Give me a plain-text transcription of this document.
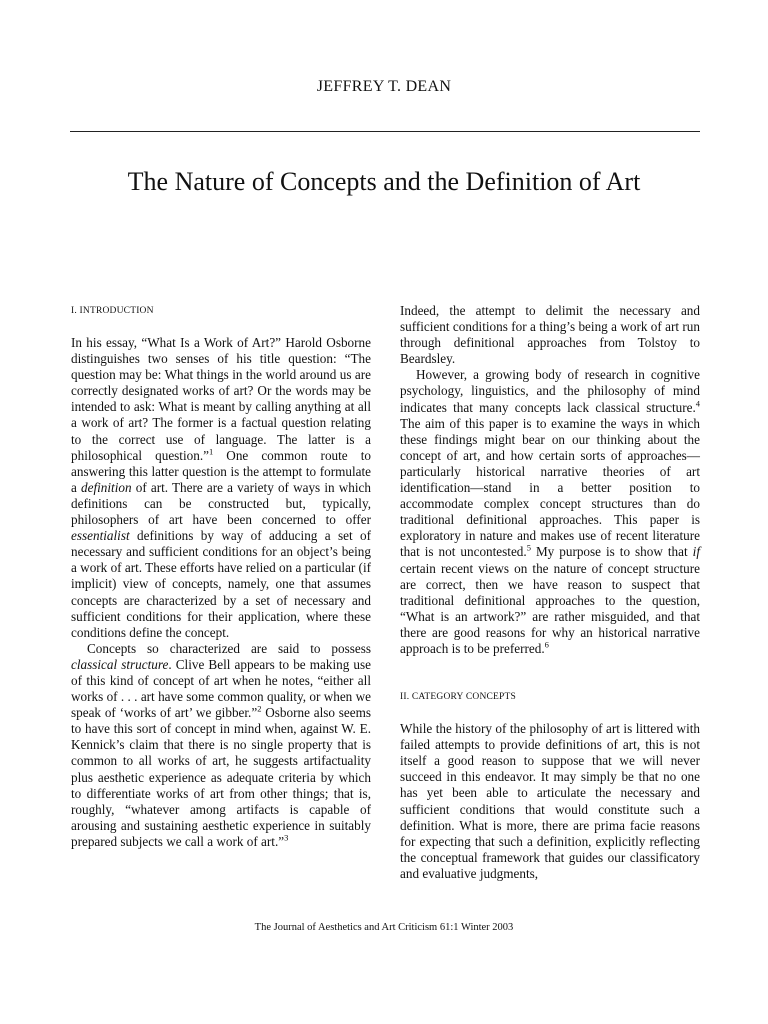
JEFFREY T. DEAN
The Nature of Concepts and the Definition of Art
I. INTRODUCTION

In his essay, “What Is a Work of Art?” Harold Osborne distinguishes two senses of his title question: “The question may be: What things in the world around us are correctly designated works of art? Or the words may be intended to ask: What is meant by calling anything at all a work of art? The former is a factual question relating to the correct use of language. The latter is a philosophical question.”$^1$ One common route to answering this latter question is the attempt to formulate a definition of art. There are a variety of ways in which definitions can be constructed but, typically, philosophers of art have been concerned to offer essentialist definitions by way of adducing a set of necessary and sufficient conditions for an object’s being a work of art. These efforts have relied on a particular (if implicit) view of concepts, namely, one that assumes concepts are characterized by a set of necessary and sufficient conditions for their application, where these conditions define the concept.

Concepts so characterized are said to possess classical structure. Clive Bell appears to be making use of this kind of concept of art when he notes, “either all works of . . . art have some common quality, or when we speak of ‘works of art’ we gibber.”$^2$ Osborne also seems to have this sort of concept in mind when, against W. E. Kennick’s claim that there is no single property that is common to all works of art, he suggests artifactuality plus aesthetic experience as adequate criteria by which to differentiate works of art from other things; that is, roughly, “whatever among artifacts is capable of arousing and sustaining aesthetic experience in suitably prepared subjects we call a work of art.”$^3$

Indeed, the attempt to delimit the necessary and sufficient conditions for a thing’s being a work of art run through definitional approaches from Tolstoy to Beardsley.

However, a growing body of research in cognitive psychology, linguistics, and the philosophy of mind indicates that many concepts lack classical structure.$^4$ The aim of this paper is to examine the ways in which these findings might bear on our thinking about the concept of art, and how certain sorts of approaches—particularly historical narrative theories of art identification—stand in a better position to accommodate complex concept structures than do traditional definitional approaches. This paper is exploratory in nature and makes use of recent literature that is not uncontested.$^5$ My purpose is to show that if certain recent views on the nature of concept structure are correct, then we have reason to suspect that traditional definitional approaches to the question, “What is an artwork?” are rather misguided, and that there are good reasons for why an historical narrative approach is to be preferred.$^6$

II. CATEGORY CONCEPTS

While the history of the philosophy of art is littered with failed attempts to provide definitions of art, this is not itself a good reason to suppose that we will never succeed in this endeavor. It may simply be that no one has yet been able to articulate the necessary and sufficient conditions that would constitute such a definition. What is more, there are prima facie reasons for expecting that such a definition, explicitly reflecting the conceptual framework that guides our classificatory and evaluative judgments,

The Journal of Aesthetics and Art Criticism 61:1 Winter 2003
